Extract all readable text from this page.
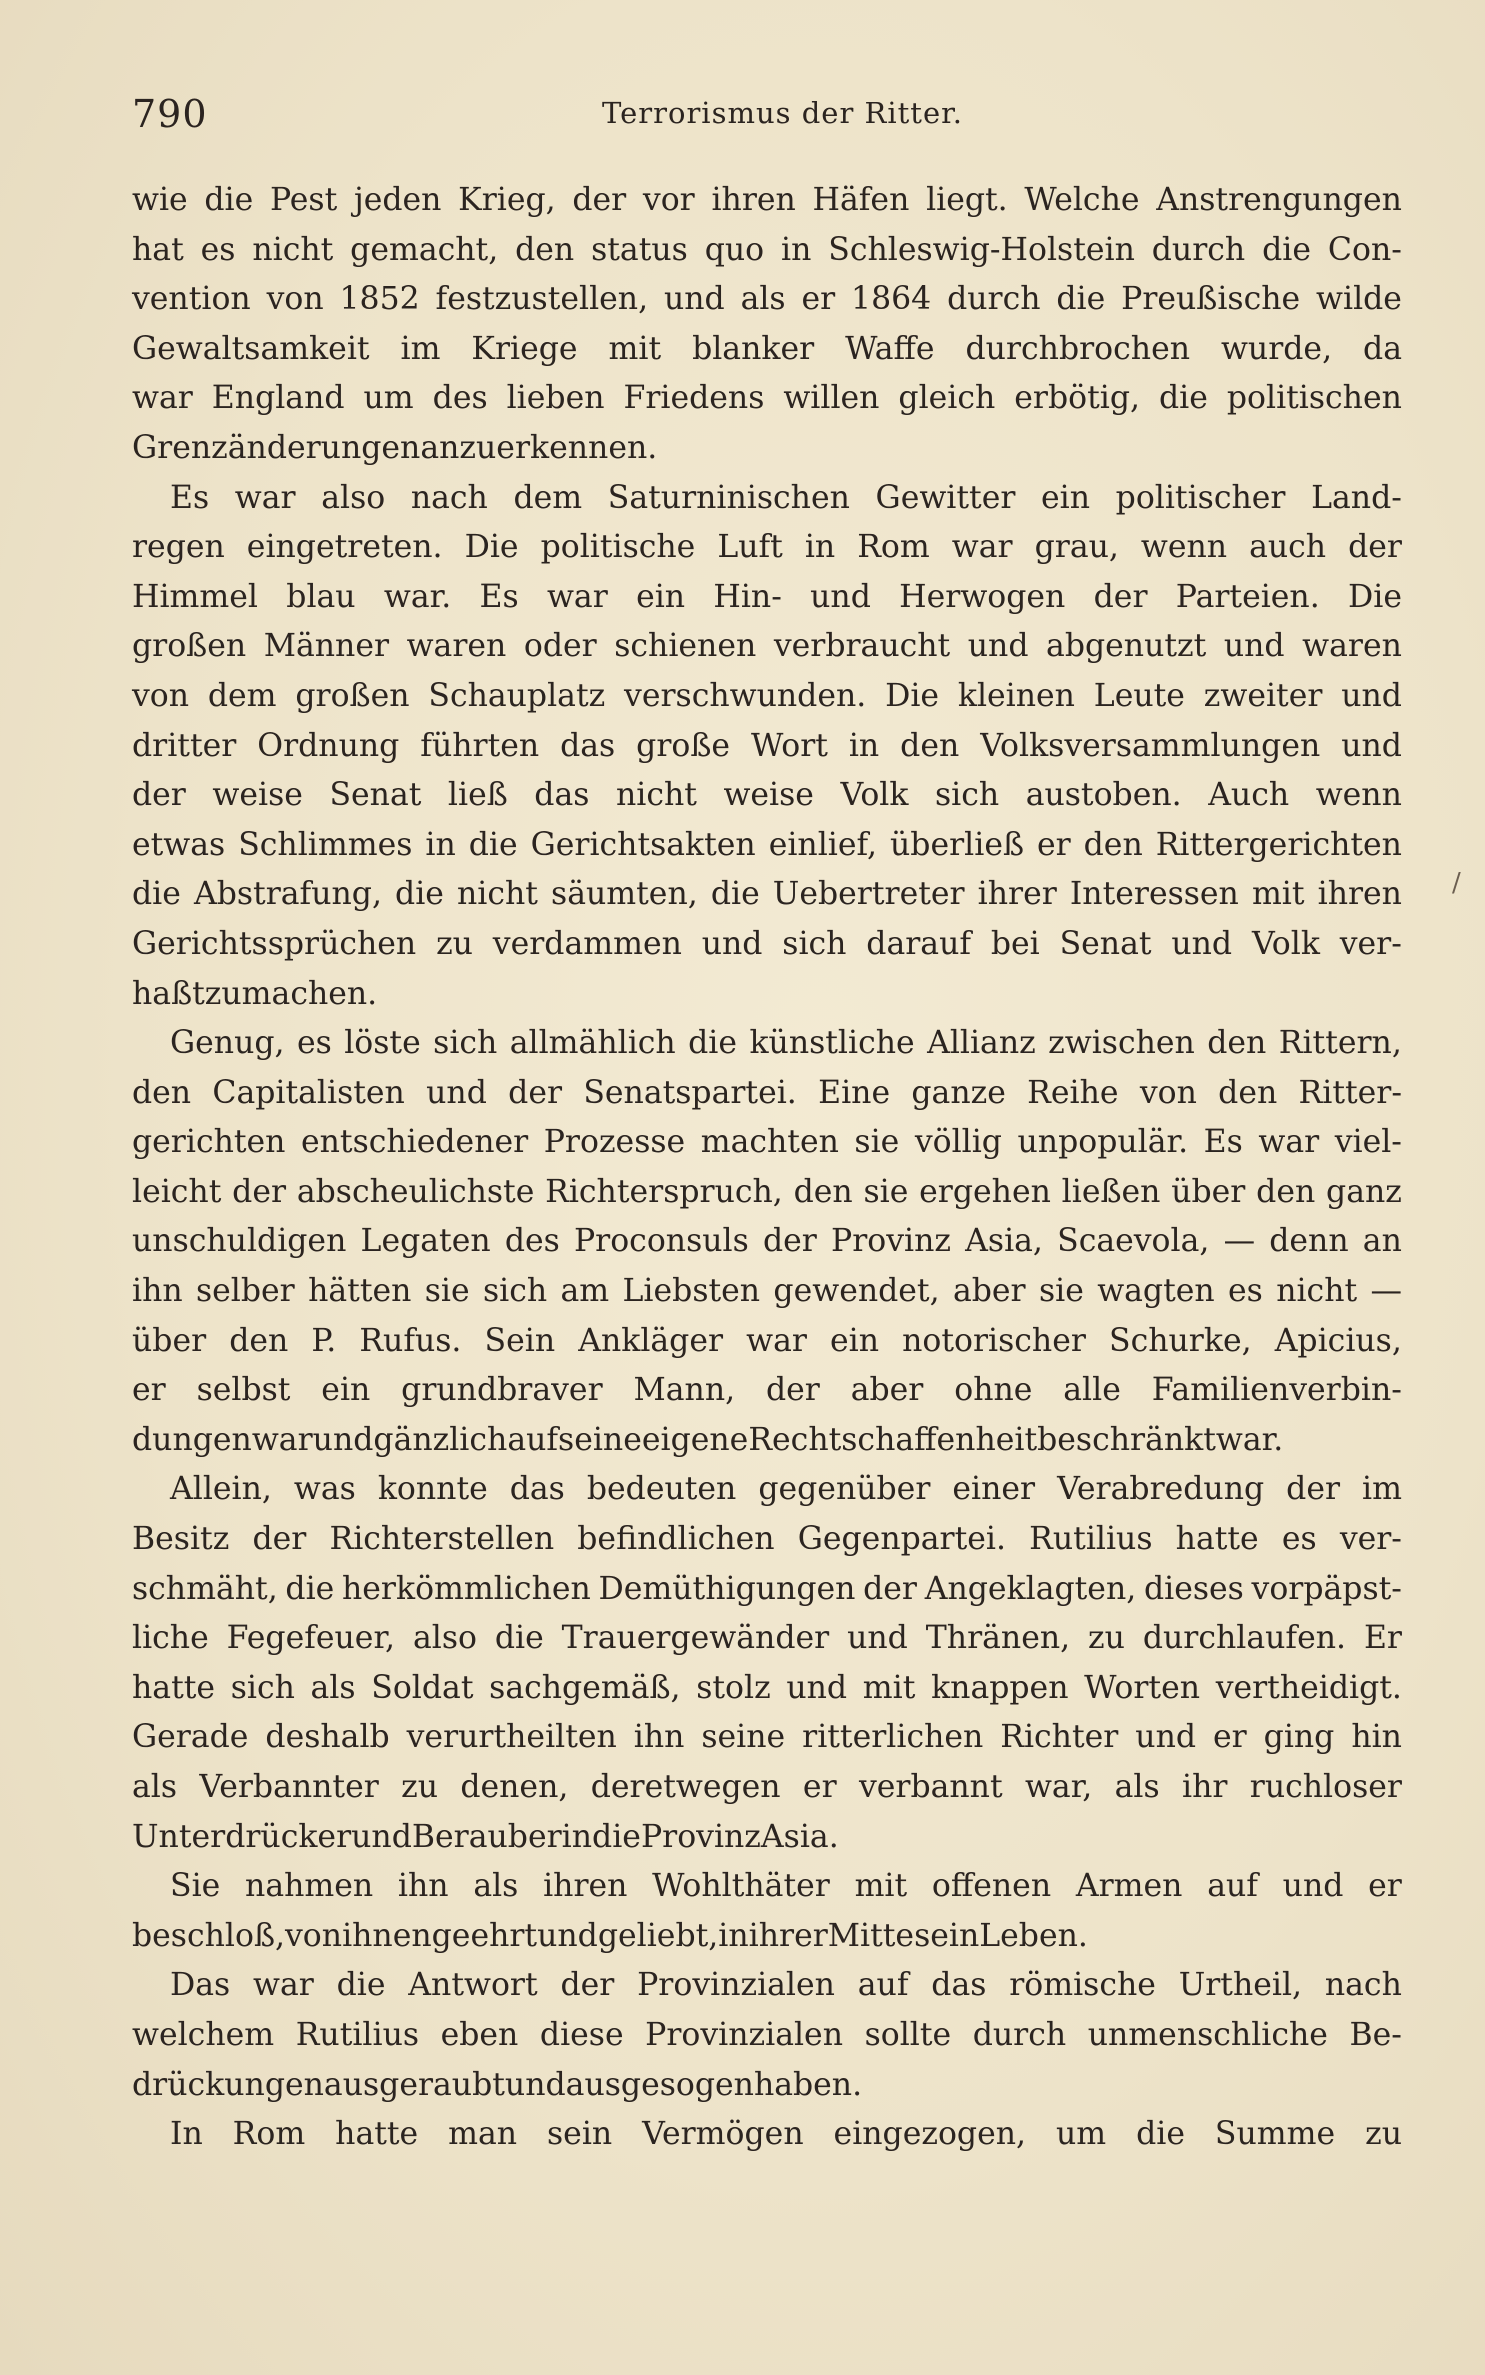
790	Terrorismus der Ritter.
wie die Pest jeden Krieg, der vor ihren Häfen liegt. Welche Anstrengungen
hat es nicht gemacht, den status quo in Schleswig-Holstein durch die Con-
vention von 1852 festzustellen, und als er 1864 durch die Preußische wilde
Gewaltsamkeit im Kriege mit blanker Waffe durchbrochen wurde, da
war England um des lieben Friedens willen gleich erbötig, die politischen
Grenzänderungen anzuerkennen.
Es war also nach dem Saturninischen Gewitter ein politischer Land-
regen eingetreten. Die politische Luft in Rom war grau, wenn auch der
Himmel blau war. Es war ein Hin- und Herwogen der Parteien. Die
großen Männer waren oder schienen verbraucht und abgenutzt und waren
von dem großen Schauplatz verschwunden. Die kleinen Leute zweiter und
dritter Ordnung führten das große Wort in den Volksversammlungen und
der weise Senat ließ das nicht weise Volk sich austoben. Auch wenn
etwas Schlimmes in die Gerichtsakten einlief, überließ er den Rittergerichten
die Abstrafung, die nicht säumten, die Uebertreter ihrer Interessen mit ihren
Gerichtssprüchen zu verdammen und sich darauf bei Senat und Volk ver-
haßt zu machen.
Genug, es löste sich allmählich die künstliche Allianz zwischen den Rittern,
den Capitalisten und der Senatspartei. Eine ganze Reihe von den Ritter-
gerichten entschiedener Prozesse machten sie völlig unpopulär. Es war viel-
leicht der abscheulichste Richterspruch, den sie ergehen ließen über den ganz
unschuldigen Legaten des Proconsuls der Provinz Asia, Scaevola, — denn an
ihn selber hätten sie sich am Liebsten gewendet, aber sie wagten es nicht —
über den P. Rufus. Sein Ankläger war ein notorischer Schurke, Apicius,
er selbst ein grundbraver Mann, der aber ohne alle Familienverbin-
dungen war und gänzlich auf seine eigene Rechtschaffenheit beschränkt war.
Allein, was konnte das bedeuten gegenüber einer Verabredung der im
Besitz der Richterstellen befindlichen Gegenpartei. Rutilius hatte es ver-
schmäht, die herkömmlichen Demüthigungen der Angeklagten, dieses vorpäpst-
liche Fegefeuer, also die Trauergewänder und Thränen, zu durchlaufen. Er
hatte sich als Soldat sachgemäß, stolz und mit knappen Worten vertheidigt.
Gerade deshalb verurtheilten ihn seine ritterlichen Richter und er ging hin
als Verbannter zu denen, deretwegen er verbannt war, als ihr ruchloser
Unterdrücker und Berauber in die Provinz Asia.
Sie nahmen ihn als ihren Wohlthäter mit offenen Armen auf und er
beschloß, von ihnen geehrt und geliebt, in ihrer Mitte sein Leben.
Das war die Antwort der Provinzialen auf das römische Urtheil, nach
welchem Rutilius eben diese Provinzialen sollte durch unmenschliche Be-
drückungen ausgeraubt und ausgesogen haben.
In Rom hatte man sein Vermögen eingezogen, um die Summe zu
/
